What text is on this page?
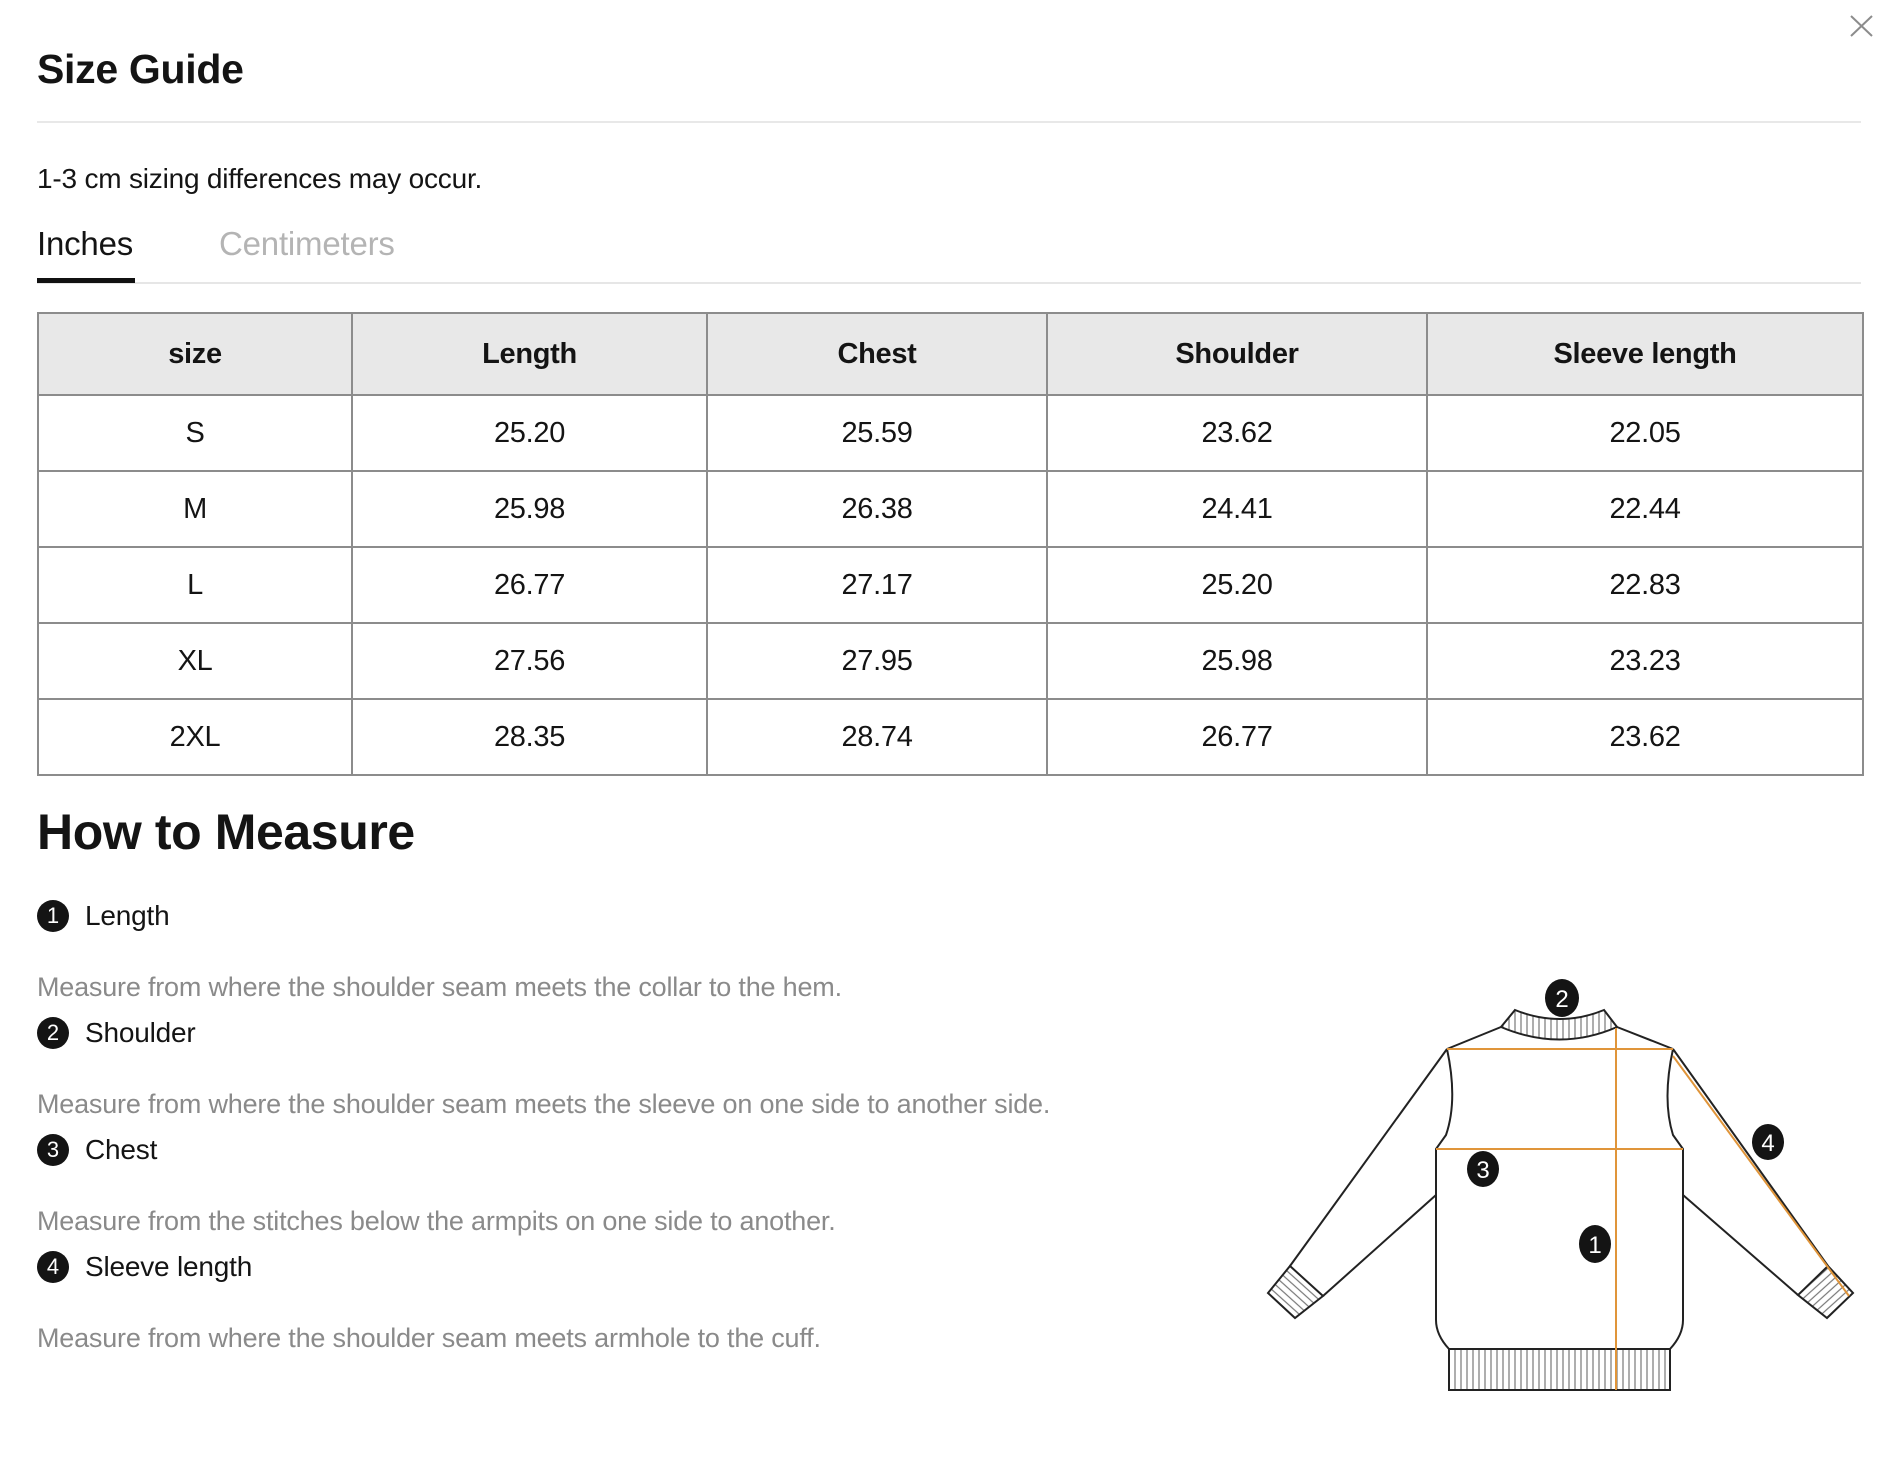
Size Guide
1-3 cm sizing differences may occur.
Inches	Centimeters
size	Length	Chest	Shoulder	Sleeve length
S	25.20	25.59	23.62	22.05
M	25.98	26.38	24.41	22.44
L	26.77	27.17	25.20	22.83
XL	27.56	27.95	25.98	23.23
2XL	28.35	28.74	26.77	23.62
How to Measure
1 Length
Measure from where the shoulder seam meets the collar to the hem.
2 Shoulder
Measure from where the shoulder seam meets the sleeve on one side to another side.
3 Chest
Measure from the stitches below the armpits on one side to another.
4 Sleeve length
Measure from where the shoulder seam meets armhole to the cuff.
2
3
4
1
